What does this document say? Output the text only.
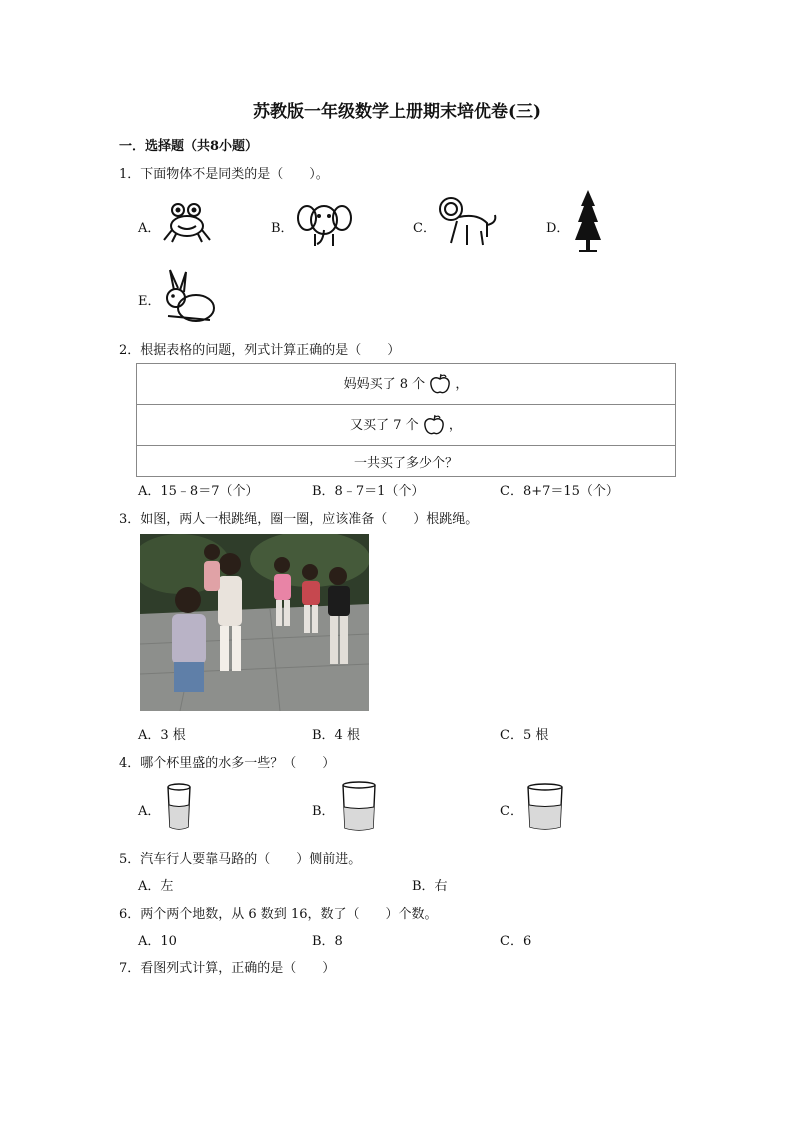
苏教版一年级数学上册期末培优卷(三)
一．选择题（共8小题）
1．下面物体不是同类的是（　　）。
A．	B．	C．	D．
E．
2．根据表格的问题，列式计算正确的是（　　）
妈妈买了 8 个 ，
又买了 7 个 ，
一共买了多少个？
A．15﹣8＝7（个）	B．8﹣7＝1（个）	C．8+7＝15（个）
3．如图，两人一根跳绳，圈一圈，应该准备（　　）根跳绳。
A．3 根	B．4 根	C．5 根
4．哪个杯里盛的水多一些？（　　）
A．	B．	C．
5．汽车行人要靠马路的（　　）侧前进。
A．左	B．右
6．两个两个地数，从 6 数到 16，数了（　　）个数。
A．10	B．8	C．6
7．看图列式计算，正确的是（　　）
